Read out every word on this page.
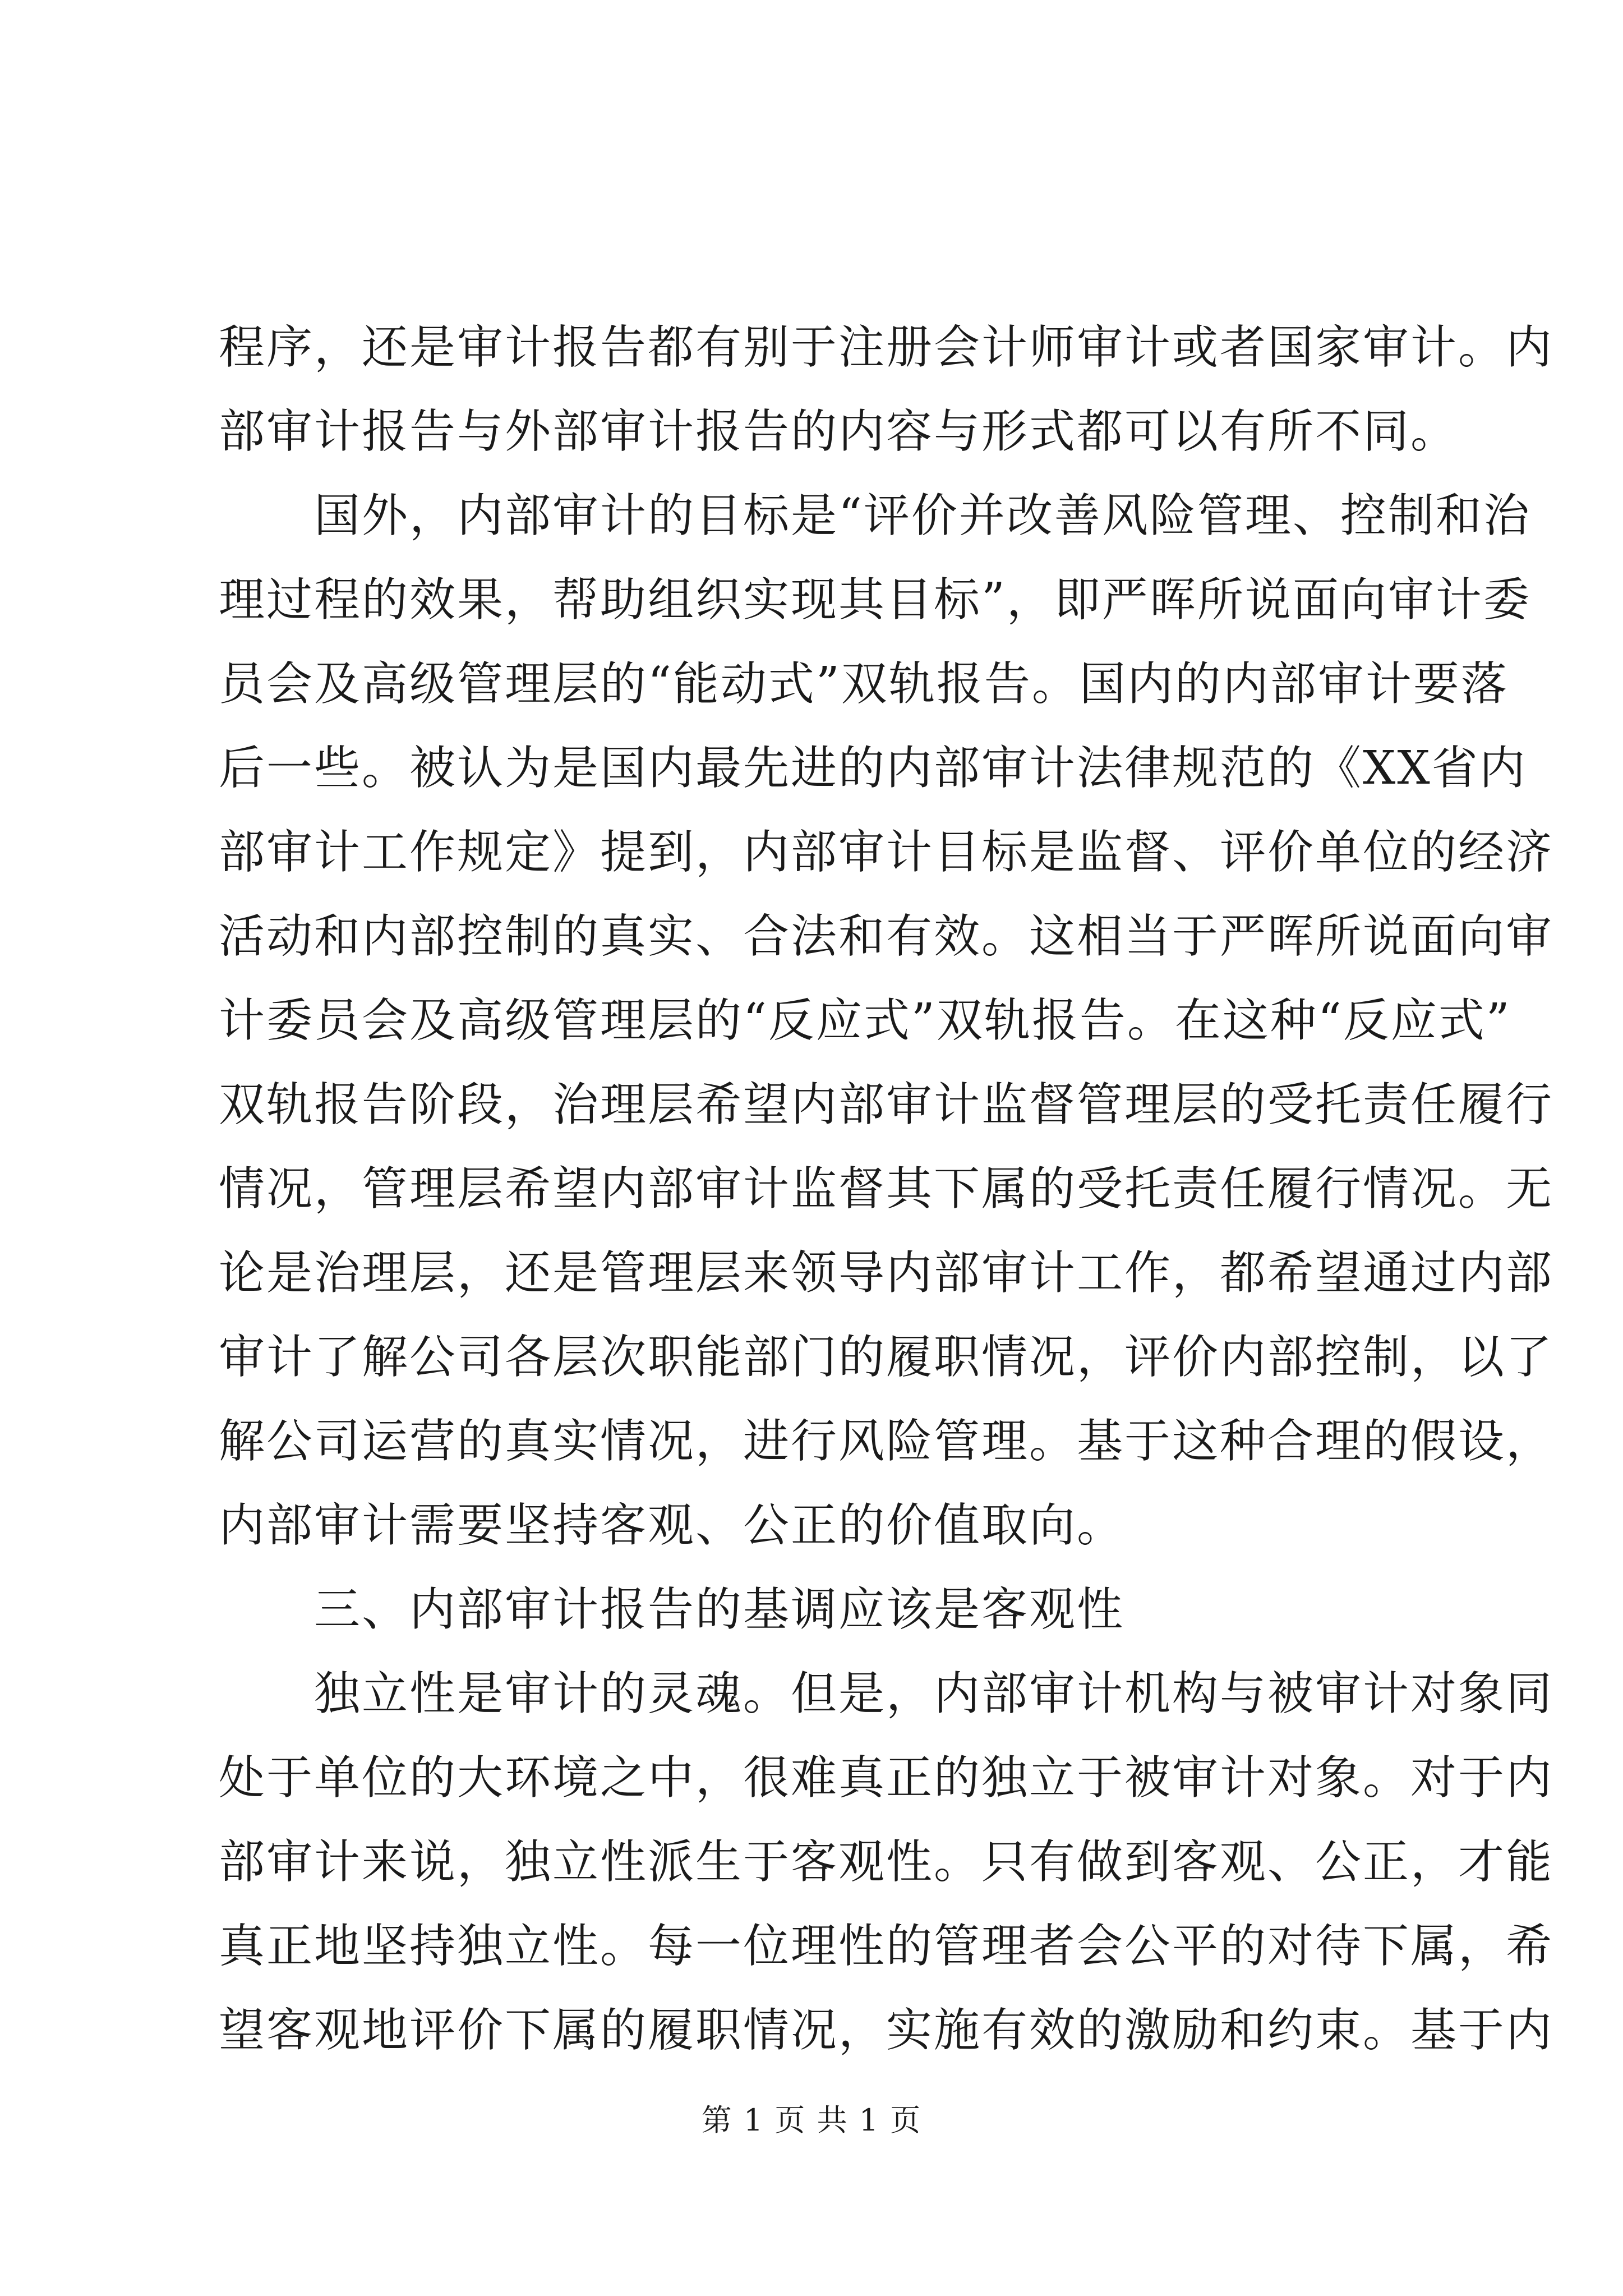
程序，还是审计报告都有别于注册会计师审计或者国家审计。内
部审计报告与外部审计报告的内容与形式都可以有所不同。
　　国外，内部审计的目标是“评价并改善风险管理、控制和治
理过程的效果，帮助组织实现其目标”，即严晖所说面向审计委
员会及高级管理层的“能动式”双轨报告。国内的内部审计要落
后一些。被认为是国内最先进的内部审计法律规范的《XX省内
部审计工作规定》提到，内部审计目标是监督、评价单位的经济
活动和内部控制的真实、合法和有效。这相当于严晖所说面向审
计委员会及高级管理层的“反应式”双轨报告。在这种“反应式”
双轨报告阶段，治理层希望内部审计监督管理层的受托责任履行
情况，管理层希望内部审计监督其下属的受托责任履行情况。无
论是治理层，还是管理层来领导内部审计工作，都希望通过内部
审计了解公司各层次职能部门的履职情况，评价内部控制，以了
解公司运营的真实情况，进行风险管理。基于这种合理的假设，
内部审计需要坚持客观、公正的价值取向。
　　三、内部审计报告的基调应该是客观性
　　独立性是审计的灵魂。但是，内部审计机构与被审计对象同
处于单位的大环境之中，很难真正的独立于被审计对象。对于内
部审计来说，独立性派生于客观性。只有做到客观、公正，才能
真正地坚持独立性。每一位理性的管理者会公平的对待下属，希
望客观地评价下属的履职情况，实施有效的激励和约束。基于内
第 1 页 共 1 页
